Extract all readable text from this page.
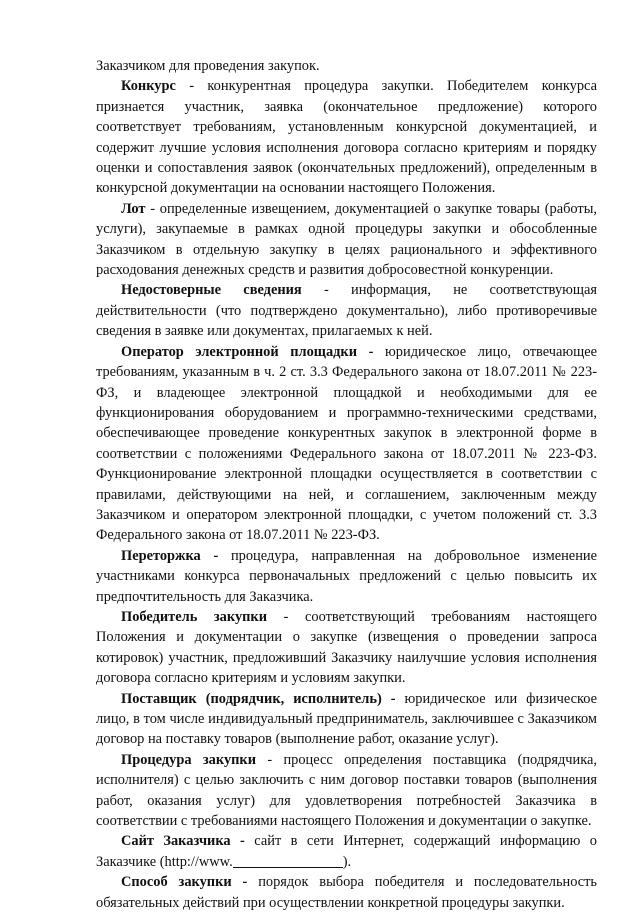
Заказчиком для проведения закупок.

Конкурс - конкурентная процедура закупки. Победителем конкурса признается участник, заявка (окончательное предложение) которого соответствует требованиям, установленным конкурсной документацией, и содержит лучшие условия исполнения договора согласно критериям и порядку оценки и сопоставления заявок (окончательных предложений), определенным в конкурсной документации на основании настоящего Положения.

Лот - определенные извещением, документацией о закупке товары (работы, услуги), закупаемые в рамках одной процедуры закупки и обособленные Заказчиком в отдельную закупку в целях рационального и эффективного расходования денежных средств и развития добросовестной конкуренции.

Недостоверные сведения - информация, не соответствующая действительности (что подтверждено документально), либо противоречивые сведения в заявке или документах, прилагаемых к ней.

Оператор электронной площадки - юридическое лицо, отвечающее требованиям, указанным в ч. 2 ст. 3.3 Федерального закона от 18.07.2011 № 223-ФЗ, и владеющее электронной площадкой и необходимыми для ее функционирования оборудованием и программно-техническими средствами, обеспечивающее проведение конкурентных закупок в электронной форме в соответствии с положениями Федерального закона от 18.07.2011 № 223-ФЗ. Функционирование электронной площадки осуществляется в соответствии с правилами, действующими на ней, и соглашением, заключенным между Заказчиком и оператором электронной площадки, с учетом положений ст. 3.3 Федерального закона от 18.07.2011 № 223-ФЗ.

Переторжка - процедура, направленная на добровольное изменение участниками конкурса первоначальных предложений с целью повысить их предпочтительность для Заказчика.

Победитель закупки - соответствующий требованиям настоящего Положения и документации о закупке (извещения о проведении запроса котировок) участник, предложивший Заказчику наилучшие условия исполнения договора согласно критериям и условиям закупки.

Поставщик (подрядчик, исполнитель) - юридическое или физическое лицо, в том числе индивидуальный предприниматель, заключившее с Заказчиком договор на поставку товаров (выполнение работ, оказание услуг).

Процедура закупки - процесс определения поставщика (подрядчика, исполнителя) с целью заключить с ним договор поставки товаров (выполнения работ, оказания услуг) для удовлетворения потребностей Заказчика в соответствии с требованиями настоящего Положения и документации о закупке.

Сайт Заказчика - сайт в сети Интернет, содержащий информацию о Заказчике (http://www.	).

Способ закупки - порядок выбора победителя и последовательность обязательных действий при осуществлении конкретной процедуры закупки.
